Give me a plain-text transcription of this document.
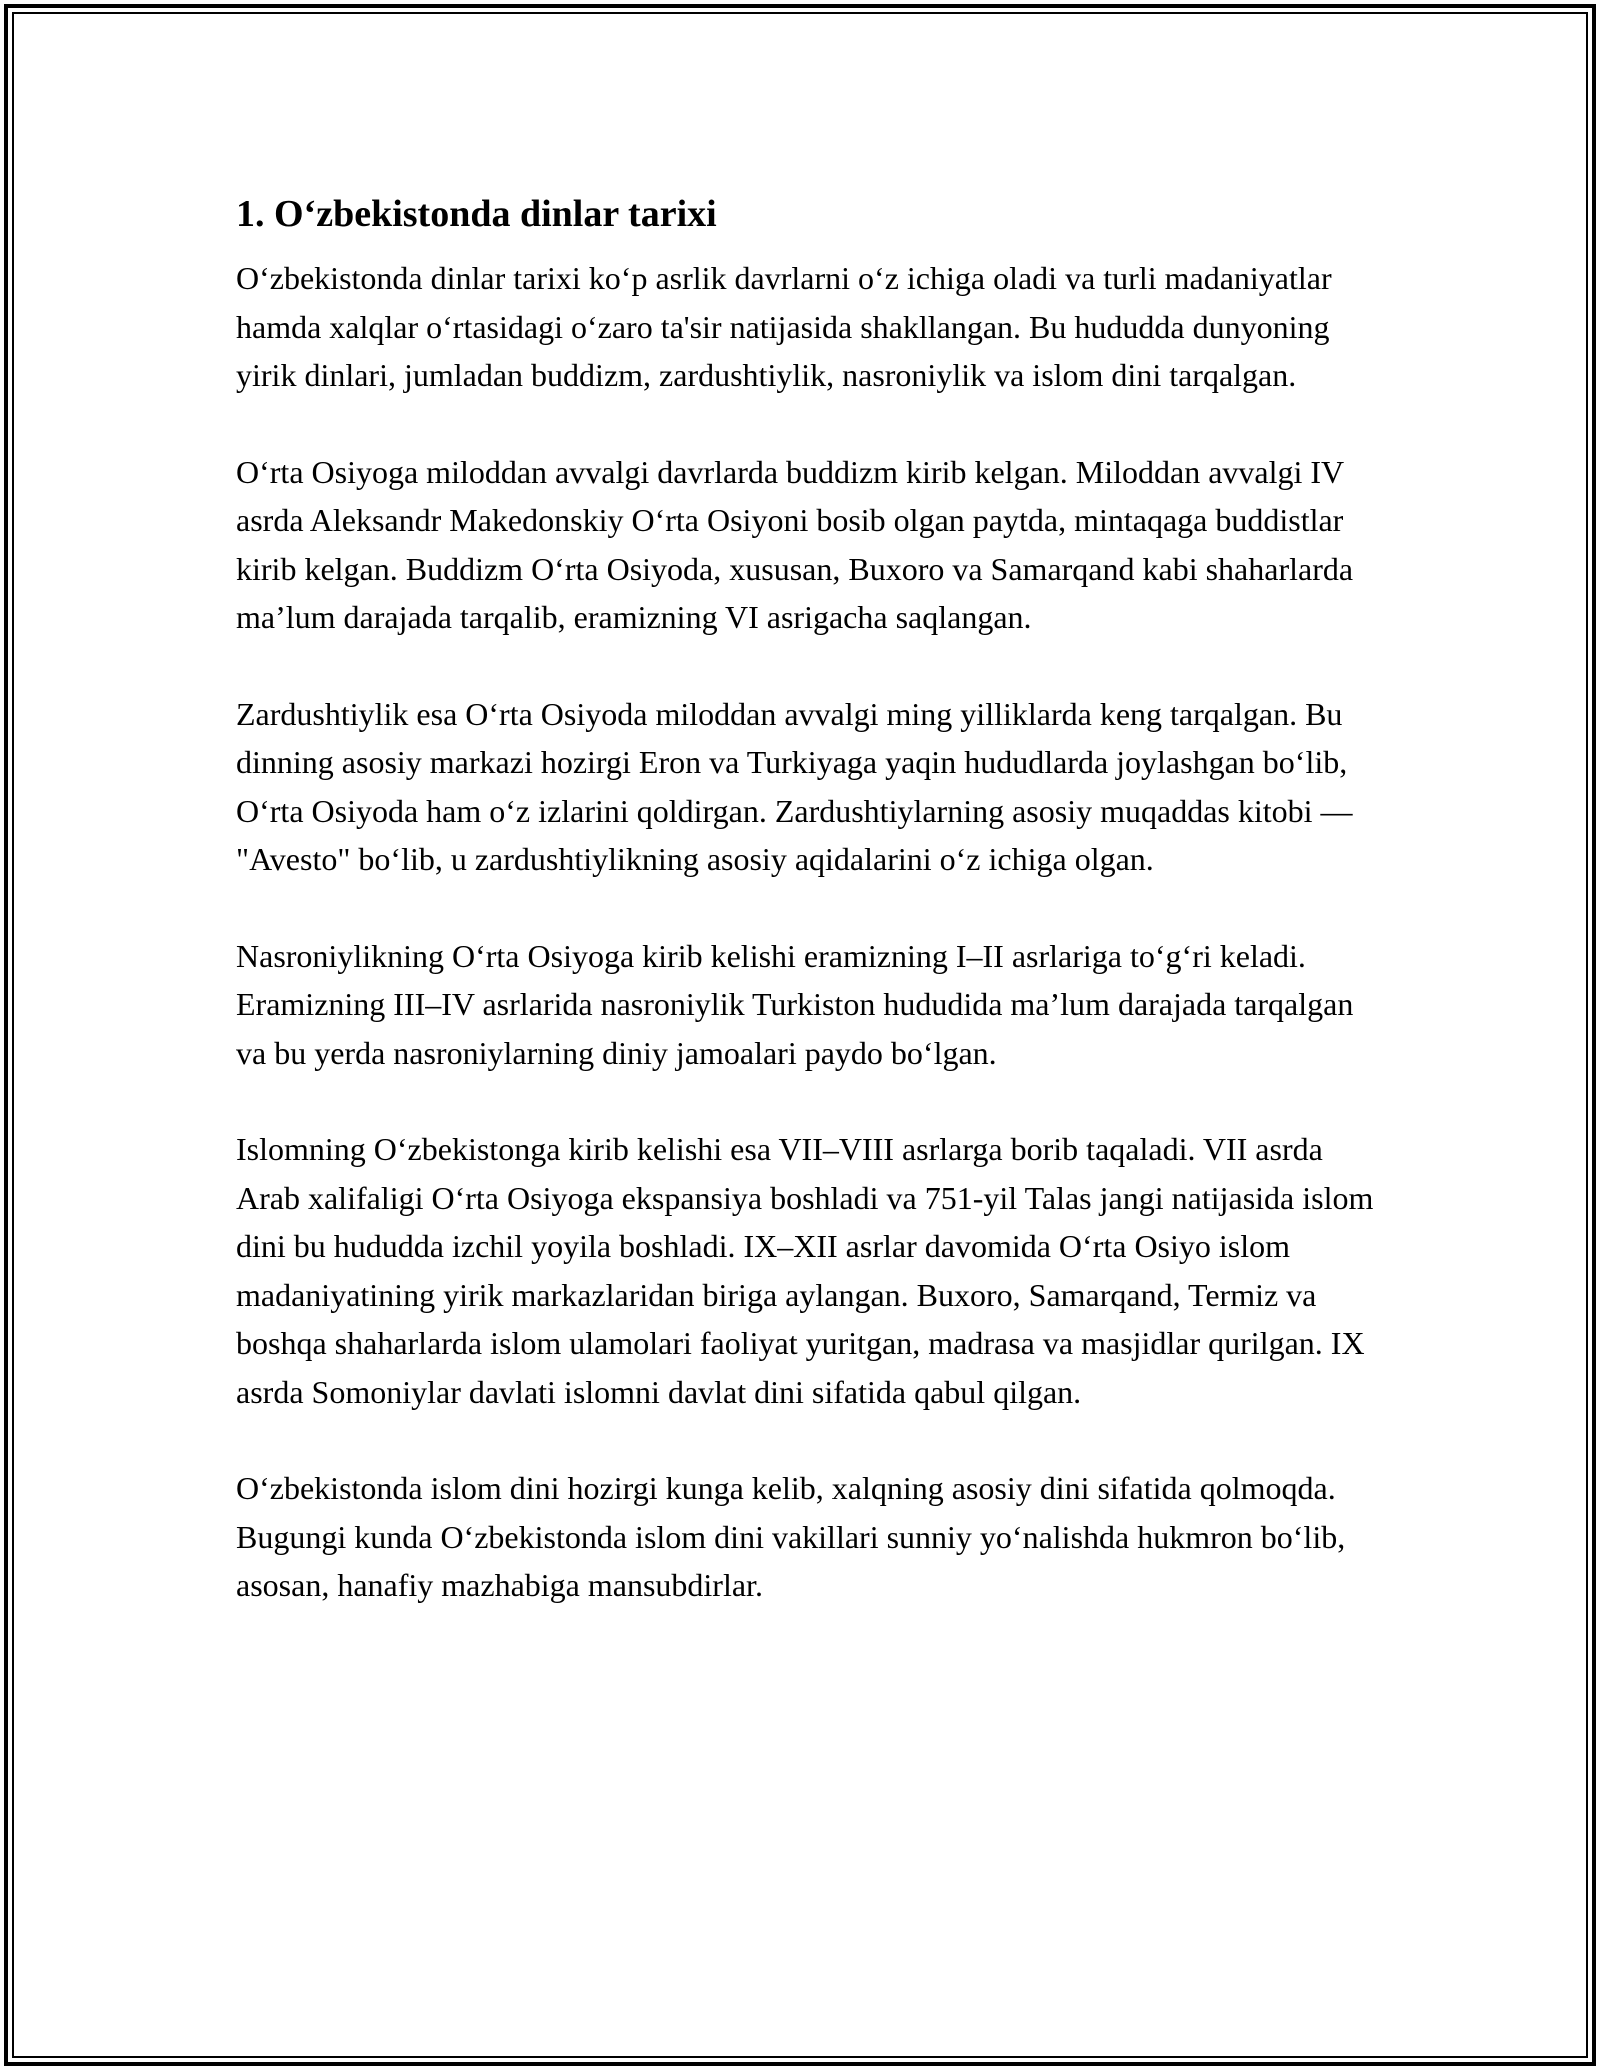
1. O‘zbekistonda dinlar tarixi

O‘zbekistonda dinlar tarixi ko‘p asrlik davrlarni o‘z ichiga oladi va turli madaniyatlar hamda xalqlar o‘rtasidagi o‘zaro ta'sir natijasida shakllangan. Bu hududda dunyoning yirik dinlari, jumladan buddizm, zardushtiylik, nasroniylik va islom dini tarqalgan.

O‘rta Osiyoga miloddan avvalgi davrlarda buddizm kirib kelgan. Miloddan avvalgi IV asrda Aleksandr Makedonskiy O‘rta Osiyoni bosib olgan paytda, mintaqaga buddistlar kirib kelgan. Buddizm O‘rta Osiyoda, xususan, Buxoro va Samarqand kabi shaharlarda ma’lum darajada tarqalib, eramizning VI asrigacha saqlangan.

Zardushtiylik esa O‘rta Osiyoda miloddan avvalgi ming yilliklarda keng tarqalgan. Bu dinning asosiy markazi hozirgi Eron va Turkiyaga yaqin hududlarda joylashgan bo‘lib, O‘rta Osiyoda ham o‘z izlarini qoldirgan. Zardushtiylarning asosiy muqaddas kitobi — "Avesto" bo‘lib, u zardushtiylikning asosiy aqidalarini o‘z ichiga olgan.

Nasroniylikning O‘rta Osiyoga kirib kelishi eramizning I–II asrlariga to‘g‘ri keladi. Eramizning III–IV asrlarida nasroniylik Turkiston hududida ma’lum darajada tarqalgan va bu yerda nasroniylarning diniy jamoalari paydo bo‘lgan.

Islomning O‘zbekistonga kirib kelishi esa VII–VIII asrlarga borib taqaladi. VII asrda Arab xalifaligi O‘rta Osiyoga ekspansiya boshladi va 751-yil Talas jangi natijasida islom dini bu hududda izchil yoyila boshladi. IX–XII asrlar davomida O‘rta Osiyo islom madaniyatining yirik markazlaridan biriga aylangan. Buxoro, Samarqand, Termiz va boshqa shaharlarda islom ulamolari faoliyat yuritgan, madrasa va masjidlar qurilgan. IX asrda Somoniylar davlati islomni davlat dini sifatida qabul qilgan.

O‘zbekistonda islom dini hozirgi kunga kelib, xalqning asosiy dini sifatida qolmoqda. Bugungi kunda O‘zbekistonda islom dini vakillari sunniy yo‘nalishda hukmron bo‘lib, asosan, hanafiy mazhabiga mansubdirlar.
